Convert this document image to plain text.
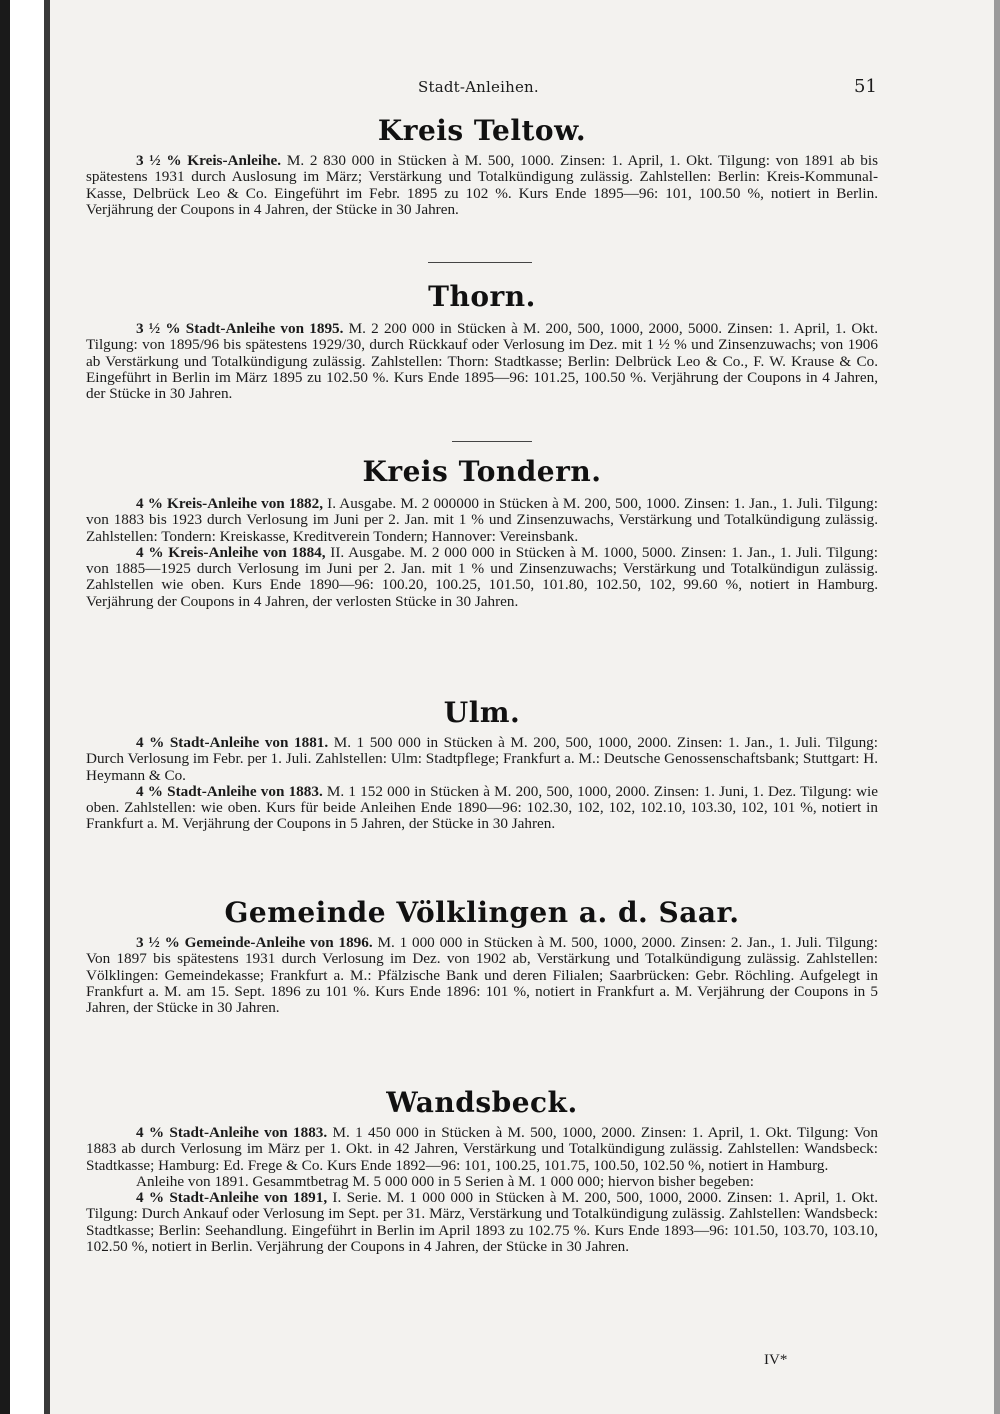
Stadt-Anleihen.	51
Kreis Teltow.

3 ½ % Kreis-Anleihe. M. 2 830 000 in Stücken à M. 500, 1000. Zinsen: 1. April, 1. Okt. Tilgung: von 1891 ab bis spätestens 1931 durch Auslosung im März; Verstärkung und Totalkündigung zulässig. Zahlstellen: Berlin: Kreis-Kommunal-Kasse, Delbrück Leo & Co. Eingeführt im Febr. 1895 zu 102 %. Kurs Ende 1895—96: 101, 100.50 %, notiert in Berlin. Verjährung der Coupons in 4 Jahren, der Stücke in 30 Jahren.

Thorn.

3 ½ % Stadt-Anleihe von 1895. M. 2 200 000 in Stücken à M. 200, 500, 1000, 2000, 5000. Zinsen: 1. April, 1. Okt. Tilgung: von 1895/96 bis spätestens 1929/30, durch Rückkauf oder Verlosung im Dez. mit 1 ½ % und Zinsenzuwachs; von 1906 ab Verstärkung und Totalkündigung zulässig. Zahlstellen: Thorn: Stadtkasse; Berlin: Delbrück Leo & Co., F. W. Krause & Co. Eingeführt in Berlin im März 1895 zu 102.50 %. Kurs Ende 1895—96: 101.25, 100.50 %. Verjährung der Coupons in 4 Jahren, der Stücke in 30 Jahren.

Kreis Tondern.

4 % Kreis-Anleihe von 1882, I. Ausgabe. M. 2 000000 in Stücken à M. 200, 500, 1000. Zinsen: 1. Jan., 1. Juli. Tilgung: von 1883 bis 1923 durch Verlosung im Juni per 2. Jan. mit 1 % und Zinsenzuwachs, Verstärkung und Totalkündigung zulässig. Zahlstellen: Tondern: Kreiskasse, Kreditverein Tondern; Hannover: Vereinsbank.

4 % Kreis-Anleihe von 1884, II. Ausgabe. M. 2 000 000 in Stücken à M. 1000, 5000. Zinsen: 1. Jan., 1. Juli. Tilgung: von 1885—1925 durch Verlosung im Juni per 2. Jan. mit 1 % und Zinsenzuwachs; Verstärkung und Totalkündigun zulässig. Zahlstellen wie oben. Kurs Ende 1890—96: 100.20, 100.25, 101.50, 101.80, 102.50, 102, 99.60 %, notiert in Hamburg. Verjährung der Coupons in 4 Jahren, der verlosten Stücke in 30 Jahren.

Ulm.

4 % Stadt-Anleihe von 1881. M. 1 500 000 in Stücken à M. 200, 500, 1000, 2000. Zinsen: 1. Jan., 1. Juli. Tilgung: Durch Verlosung im Febr. per 1. Juli. Zahlstellen: Ulm: Stadtpflege; Frankfurt a. M.: Deutsche Genossenschaftsbank; Stuttgart: H. Heymann & Co.

4 % Stadt-Anleihe von 1883. M. 1 152 000 in Stücken à M. 200, 500, 1000, 2000. Zinsen: 1. Juni, 1. Dez. Tilgung: wie oben. Zahlstellen: wie oben. Kurs für beide Anleihen Ende 1890—96: 102.30, 102, 102, 102.10, 103.30, 102, 101 %, notiert in Frankfurt a. M. Verjährung der Coupons in 5 Jahren, der Stücke in 30 Jahren.

Gemeinde Völklingen a. d. Saar.

3 ½ % Gemeinde-Anleihe von 1896. M. 1 000 000 in Stücken à M. 500, 1000, 2000. Zinsen: 2. Jan., 1. Juli. Tilgung: Von 1897 bis spätestens 1931 durch Verlosung im Dez. von 1902 ab, Verstärkung und Totalkündigung zulässig. Zahlstellen: Völklingen: Gemeindekasse; Frankfurt a. M.: Pfälzische Bank und deren Filialen; Saarbrücken: Gebr. Röchling. Aufgelegt in Frankfurt a. M. am 15. Sept. 1896 zu 101 %. Kurs Ende 1896: 101 %, notiert in Frankfurt a. M. Verjährung der Coupons in 5 Jahren, der Stücke in 30 Jahren.

Wandsbeck.

4 % Stadt-Anleihe von 1883. M. 1 450 000 in Stücken à M. 500, 1000, 2000. Zinsen: 1. April, 1. Okt. Tilgung: Von 1883 ab durch Verlosung im März per 1. Okt. in 42 Jahren, Verstärkung und Totalkündigung zulässig. Zahlstellen: Wandsbeck: Stadtkasse; Hamburg: Ed. Frege & Co. Kurs Ende 1892—96: 101, 100.25, 101.75, 100.50, 102.50 %, notiert in Hamburg.

Anleihe von 1891. Gesammtbetrag M. 5 000 000 in 5 Serien à M. 1 000 000; hiervon bisher begeben:

4 % Stadt-Anleihe von 1891, I. Serie. M. 1 000 000 in Stücken à M. 200, 500, 1000, 2000. Zinsen: 1. April, 1. Okt. Tilgung: Durch Ankauf oder Verlosung im Sept. per 31. März, Verstärkung und Totalkündigung zulässig. Zahlstellen: Wandsbeck: Stadtkasse; Berlin: Seehandlung. Eingeführt in Berlin im April 1893 zu 102.75 %. Kurs Ende 1893—96: 101.50, 103.70, 103.10, 102.50 %, notiert in Berlin. Verjährung der Coupons in 4 Jahren, der Stücke in 30 Jahren.

IV*
